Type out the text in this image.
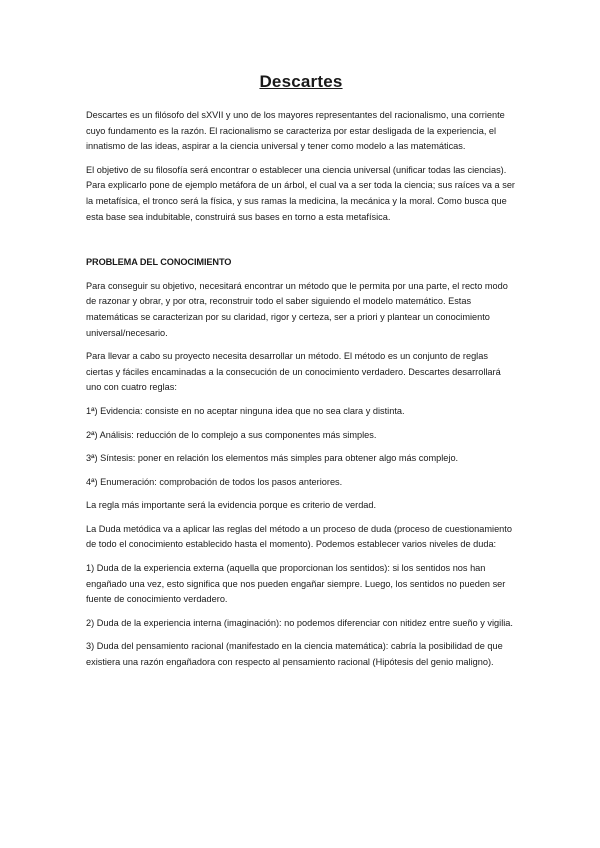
Descartes

Descartes es un filósofo del sXVII y uno de los mayores representantes del racionalismo, una corriente cuyo fundamento es la razón. El racionalismo se caracteriza por estar desligada de la experiencia, el innatismo de las ideas, aspirar a la ciencia universal y tener como modelo a las matemáticas.

El objetivo de su filosofía será encontrar o establecer una ciencia universal (unificar todas las ciencias). Para explicarlo pone de ejemplo metáfora de un árbol, el cual va a ser toda la ciencia; sus raíces va a ser la metafísica, el tronco será la física, y sus ramas la medicina, la mecánica y la moral. Como busca que esta base sea indubitable, construirá sus bases en torno a esta metafísica.

PROBLEMA DEL CONOCIMIENTO

Para conseguir su objetivo, necesitará encontrar un método que le permita por una parte, el recto modo de razonar y obrar, y por otra, reconstruir todo el saber siguiendo el modelo matemático. Estas matemáticas se caracterizan por su claridad, rigor y certeza, ser a priori y plantear un conocimiento universal/necesario.

Para llevar a cabo su proyecto necesita desarrollar un método. El método es un conjunto de reglas ciertas y fáciles encaminadas a la consecución de un conocimiento verdadero. Descartes desarrollará uno con cuatro reglas:

1ª) Evidencia: consiste en no aceptar ninguna idea que no sea clara y distinta.

2ª) Análisis: reducción de lo complejo a sus componentes más simples.

3ª) Síntesis: poner en relación los elementos más simples para obtener algo más complejo.

4ª) Enumeración: comprobación de todos los pasos anteriores.

La regla más importante será la evidencia porque es criterio de verdad.

La Duda metódica va a aplicar las reglas del método a un proceso de duda (proceso de cuestionamiento de todo el conocimiento establecido hasta el momento). Podemos establecer varios niveles de duda:

1) Duda de la experiencia externa (aquella que proporcionan los sentidos): si los sentidos nos han engañado una vez, esto significa que nos pueden engañar siempre. Luego, los sentidos no pueden ser fuente de conocimiento verdadero.

2) Duda de la experiencia interna (imaginación): no podemos diferenciar con nitidez entre sueño y vigilia.

3) Duda del pensamiento racional (manifestado en la ciencia matemática): cabría la posibilidad de que existiera una razón engañadora con respecto al pensamiento racional (Hipótesis del genio maligno).
